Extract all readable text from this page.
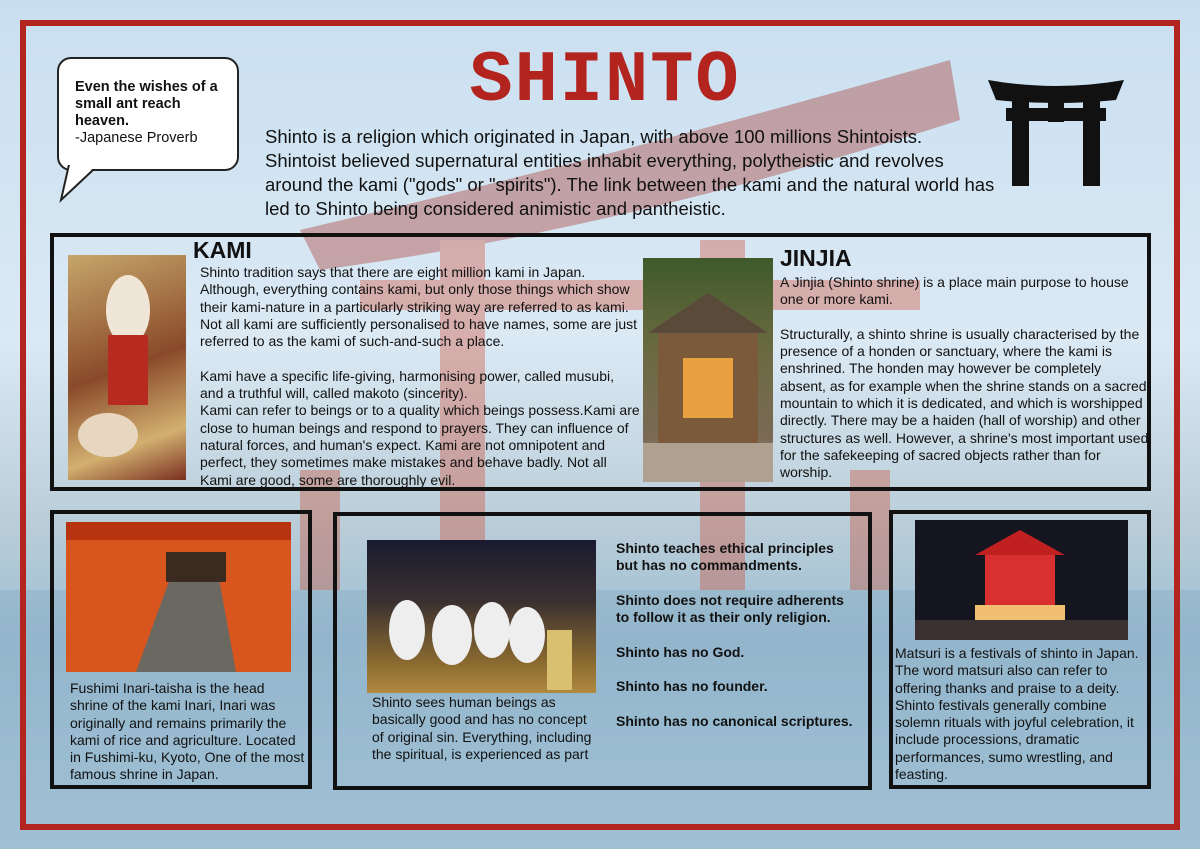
SHINTO
Even the wishes of a small ant reach heaven.
-Japanese Proverb	Shinto is a religion which originated in Japan, with above 100 millions Shintoists. Shintoist believed supernatural entities inhabit everything, polytheistic and revolves around the kami ("gods" or "spirits"). The link between the kami and the natural world has led to Shinto being considered animistic and pantheistic.
KAMI
Shinto tradition says that there are eight million kami in Japan. Although, everything contains kami, but only those things which show their kami-nature in a particularly striking way are referred to as kami. Not all kami are sufficiently personalised to have names, some are just referred to as the kami of such-and-such a place.

Kami have a specific life-giving, harmonising power, called musubi, and a truthful will, called makoto (sincerity).
Kami can refer to beings or to a quality which beings possess.Kami are close to human beings and respond to prayers. They can influence of natural forces, and human's expect. Kami are not omnipotent and perfect, they sometimes make mistakes and behave badly. Not all Kami are good, some are thoroughly evil.
JINJIA
A Jinjia (Shinto shrine) is a place main purpose to house one or more kami.

Structurally, a shinto shrine is usually characterised by the presence of a honden or sanctuary, where the kami is enshrined. The honden may however be completely absent, as for example when the shrine stands on a sacred mountain to which it is dedicated, and which is worshipped directly. There may be a haiden (hall of worship) and other structures as well. However, a shrine's most important used for the safekeeping of sacred objects rather than for worship.
Fushimi Inari-taisha is the head shrine of the kami Inari, Inari was originally and remains primarily the kami of rice and agriculture. Located in Fushimi-ku, Kyoto, One of the most famous shrine in Japan.
Shinto sees human beings as basically good and has no concept of original sin. Everything, including the spiritual, is experienced as part

Shinto teaches ethical principles but has no commandments.

Shinto does not require adherents to follow it as their only religion.

Shinto has no God.

Shinto has no founder.

Shinto has no canonical scriptures.

Matsuri is a festivals of shinto in Japan. The word matsuri also can refer to offering thanks and praise to a deity. Shinto festivals generally combine solemn rituals with joyful celebration, it include processions, dramatic performances, sumo wrestling, and feasting.
